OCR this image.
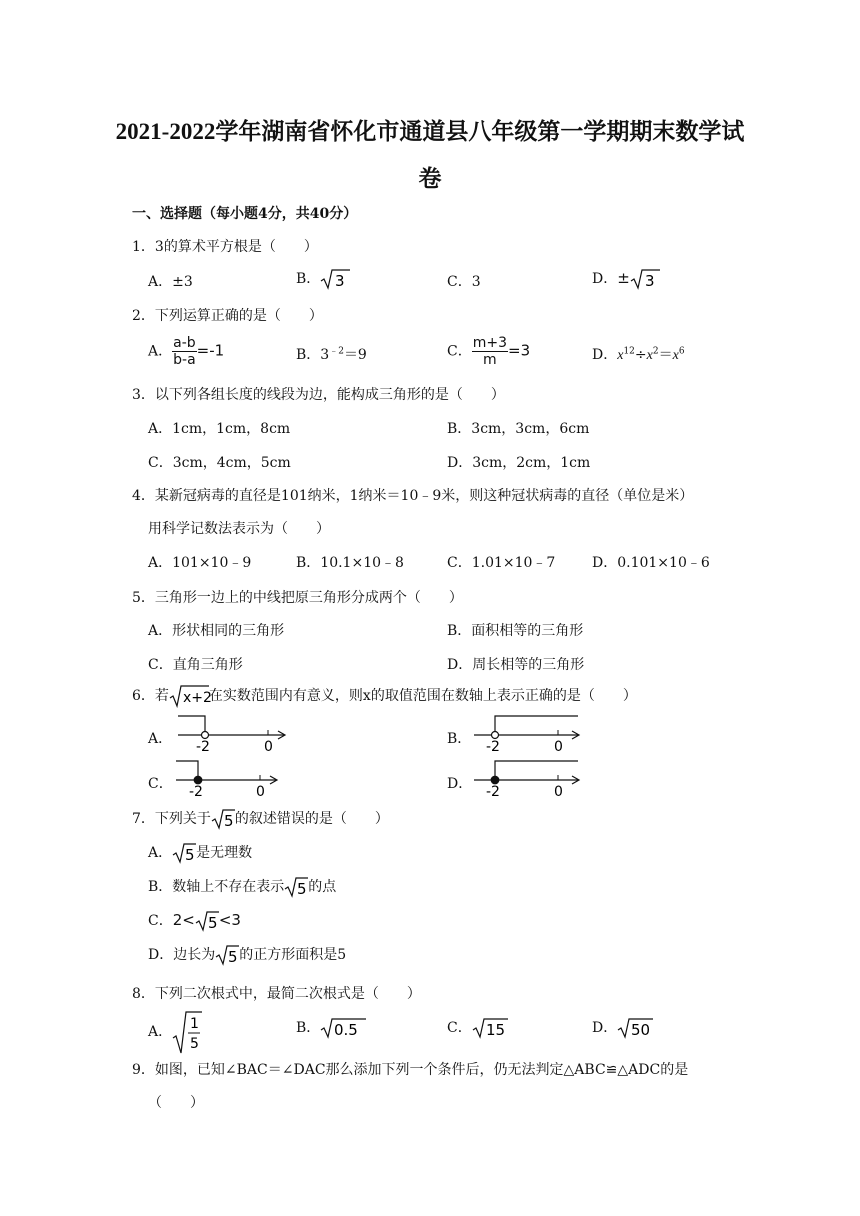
2021-2022学年湖南省怀化市通道县八年级第一学期期末数学试
卷
一、选择题（每小题4分，共40分）
1．3的算术平方根是（　　）
A．±3	B． 3	C．3	D．± 3
2．下列运算正确的是（　　）
A． $\frac{a-b}{b-a} =-1$	B．$3^{﹣2}=9$	C． $\frac{m+3}{m} =3$	D．$x^{12}\div x^2=x^6$
3．以下列各组长度的线段为边，能构成三角形的是（　　）
A．1cm，1cm，8cm	B．3cm，3cm，6cm
C．3cm，4cm，5cm	D．3cm，2cm，1cm
4．某新冠病毒的直径是101纳米，1纳米＝10﹣9米，则这种冠状病毒的直径（单位是米）
用科学记数法表示为（　　）
A．101×10﹣9	B．10.1×10﹣8	C．1.01×10﹣7	D．0.101×10﹣6
5．三角形一边上的中线把原三角形分成两个（　　）
A．形状相同的三角形	B．面积相等的三角形
C．直角三角形	D．周长相等的三角形
6．若 x+2
在实数范围内有意义，则x的取值范围在数轴上表示正确的是（　　）
A． -2	0	B． -2	0
C． -2	0	D． -2	0
7．下列关于 5 的叙述错误的是（　　）
A． 5 是无理数
B．数轴上不存在表示 5 的点
C．2< 5 <3
D．边长为 5 的正方形面积是5
8．下列二次根式中，最简二次根式是（　　）
A． 1
5
B． 0.5	C． 15	D． 50
9．如图，已知∠BAC＝∠DAC那么添加下列一个条件后，仍无法判定△ABC≌△ADC的是
（　　）
